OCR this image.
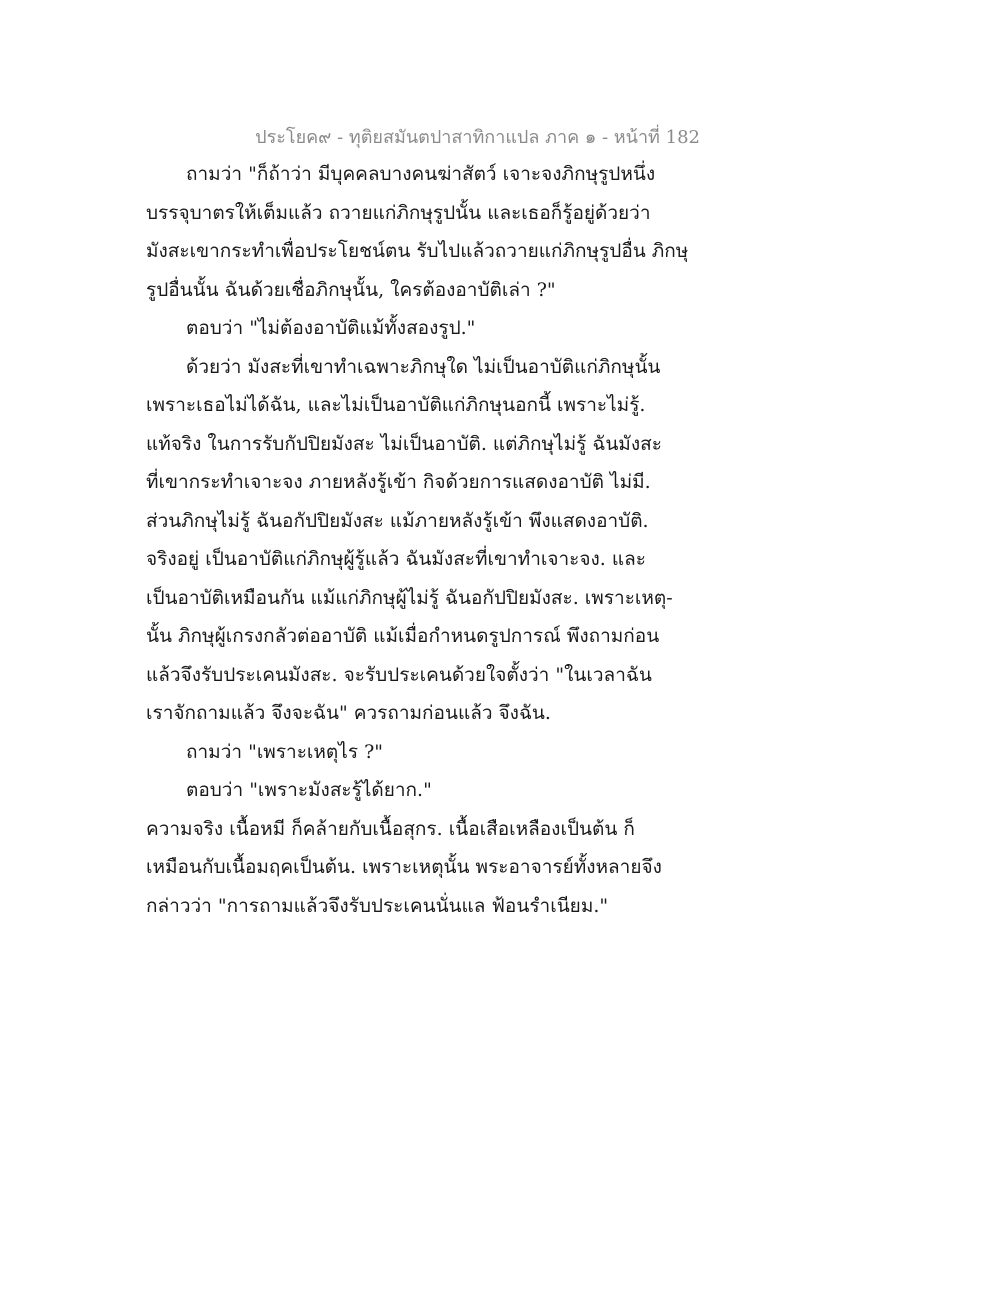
ประโยค๙ - ทุติยสมันตปาสาทิกาแปล ภาค ๑ - หน้าที่ 182
ถามว่า "ก็ถ้าว่า มีบุคคลบางคนฆ่าสัตว์ เจาะจงภิกษุรูปหนึ่ง
บรรจุบาตรให้เต็มแล้ว ถวายแก่ภิกษุรูปนั้น และเธอก็รู้อยู่ด้วยว่า
มังสะเขากระทำเพื่อประโยชน์ตน รับไปแล้วถวายแก่ภิกษุรูปอื่น ภิกษุ
รูปอื่นนั้น ฉันด้วยเชื่อภิกษุนั้น, ใครต้องอาบัติเล่า ?"
ตอบว่า "ไม่ต้องอาบัติแม้ทั้งสองรูป."
ด้วยว่า มังสะที่เขาทำเฉพาะภิกษุใด ไม่เป็นอาบัติแก่ภิกษุนั้น
เพราะเธอไม่ได้ฉัน, และไม่เป็นอาบัติแก่ภิกษุนอกนี้ เพราะไม่รู้.
แท้จริง ในการรับกัปปิยมังสะ ไม่เป็นอาบัติ. แต่ภิกษุไม่รู้ ฉันมังสะ
ที่เขากระทำเจาะจง ภายหลังรู้เข้า กิจด้วยการแสดงอาบัติ ไม่มี.
ส่วนภิกษุไม่รู้ ฉันอกัปปิยมังสะ แม้ภายหลังรู้เข้า พึงแสดงอาบัติ.
จริงอยู่ เป็นอาบัติแก่ภิกษุผู้รู้แล้ว ฉันมังสะที่เขาทำเจาะจง. และ
เป็นอาบัติเหมือนกัน แม้แก่ภิกษุผู้ไม่รู้ ฉันอกัปปิยมังสะ. เพราะเหตุ-
นั้น ภิกษุผู้เกรงกลัวต่ออาบัติ แม้เมื่อกำหนดรูปการณ์ พึงถามก่อน
แล้วจึงรับประเคนมังสะ. จะรับประเคนด้วยใจตั้งว่า "ในเวลาฉัน
เราจักถามแล้ว จึงจะฉัน" ควรถามก่อนแล้ว จึงฉัน.
ถามว่า "เพราะเหตุไร ?"
ตอบว่า "เพราะมังสะรู้ได้ยาก."
ความจริง เนื้อหมี ก็คล้ายกับเนื้อสุกร. เนื้อเสือเหลืองเป็นต้น ก็
เหมือนกับเนื้อมฤคเป็นต้น. เพราะเหตุนั้น พระอาจารย์ทั้งหลายจึง
กล่าวว่า "การถามแล้วจึงรับประเคนนั่นแล ฟ้อนรำเนียม."
